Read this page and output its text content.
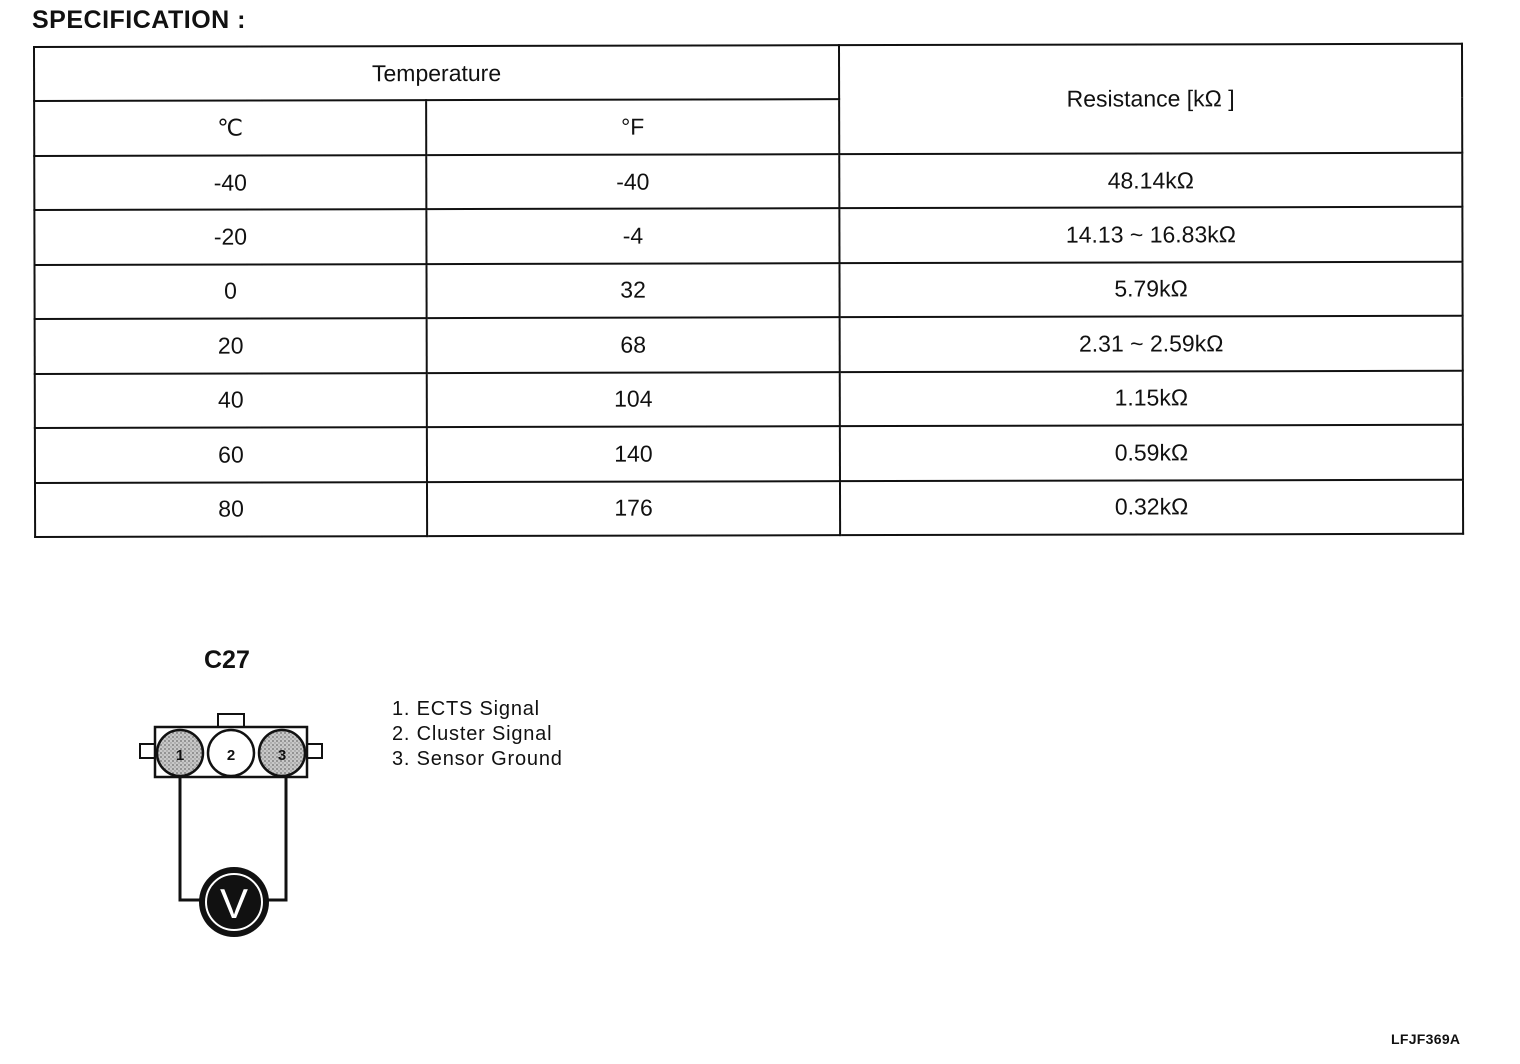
SPECIFICATION :
Temperature		Resistance [kΩ ]
℃	°F	
-40	-40	48.14kΩ
-20	-4	14.13 ~ 16.83kΩ
0	32	5.79kΩ
20	68	2.31 ~ 2.59kΩ
40	104	1.15kΩ
60	140	0.59kΩ
80	176	0.32kΩ
C27
1	2	3
V
1. ECTS Signal
2. Cluster Signal
3. Sensor Ground
LFJF369A
